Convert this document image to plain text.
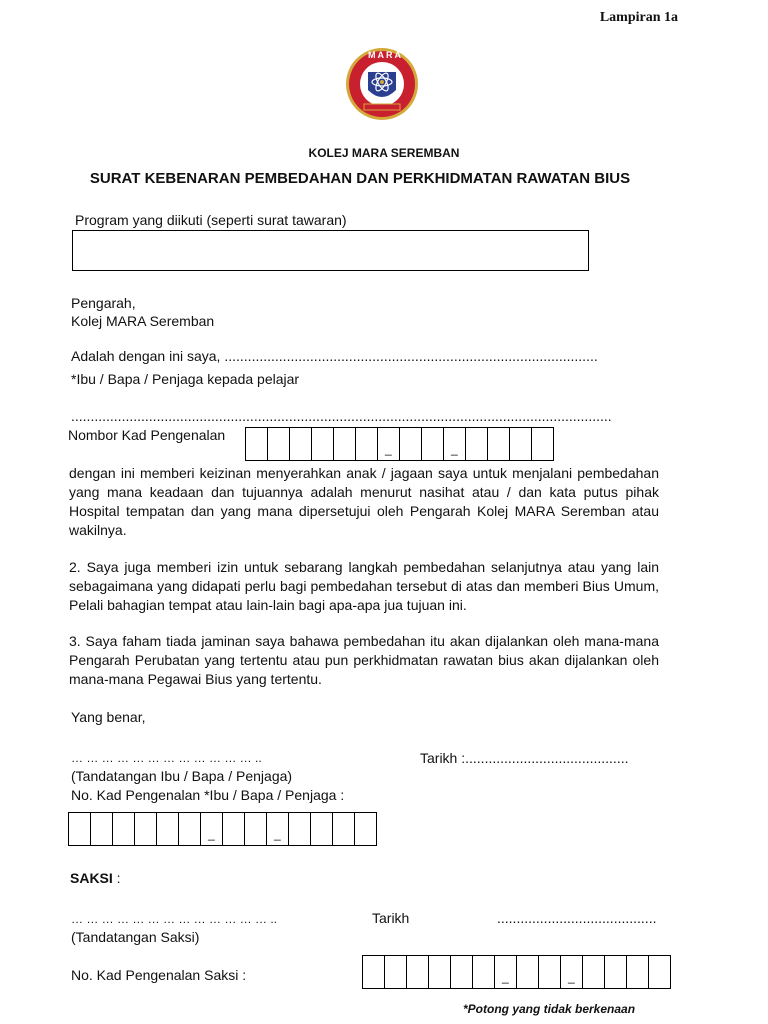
Lampiran 1a
MARA
KOLEJ MARA SEREMBAN
SURAT KEBENARAN PEMBEDAHAN DAN PERKHIDMATAN RAWATAN BIUS
Program yang diikuti (seperti surat tawaran)
Pengarah,
Kolej MARA Seremban
Adalah dengan ini saya, ................................................................................................
*Ibu / Bapa / Penjaga kepada pelajar
...........................................................................................................................................
Nombor Kad Pengenalan
_
_
dengan ini memberi keizinan menyerahkan anak / jagaan saya untuk menjalani pembedahan yang mana keadaan dan tujuannya adalah menurut nasihat atau / dan kata putus pihak Hospital tempatan dan yang mana dipersetujui oleh Pengarah Kolej MARA Seremban atau wakilnya.
2. Saya juga memberi izin untuk sebarang langkah pembedahan selanjutnya atau yang lain sebagaimana yang didapati perlu bagi pembedahan tersebut di atas dan memberi Bius Umum, Pelali bahagian tempat atau lain-lain bagi apa-apa jua tujuan ini.
3. Saya faham tiada jaminan saya bahawa pembedahan itu akan dijalankan oleh mana-mana Pengarah Perubatan yang tertentu atau pun perkhidmatan rawatan bius akan dijalankan oleh mana-mana Pegawai Bius yang tertentu.
Yang benar,
… … … … … … … … … … … … ..	Tarikh :..........................................
(Tandatangan Ibu / Bapa / Penjaga)
No. Kad Pengenalan *Ibu / Bapa / Penjaga :
_
_
SAKSI :
… … … … … … … … … … … … … ..	Tarikh	.........................................
(Tandatangan Saksi)
No. Kad Pengenalan Saksi :
_
_
*Potong yang tidak berkenaan
